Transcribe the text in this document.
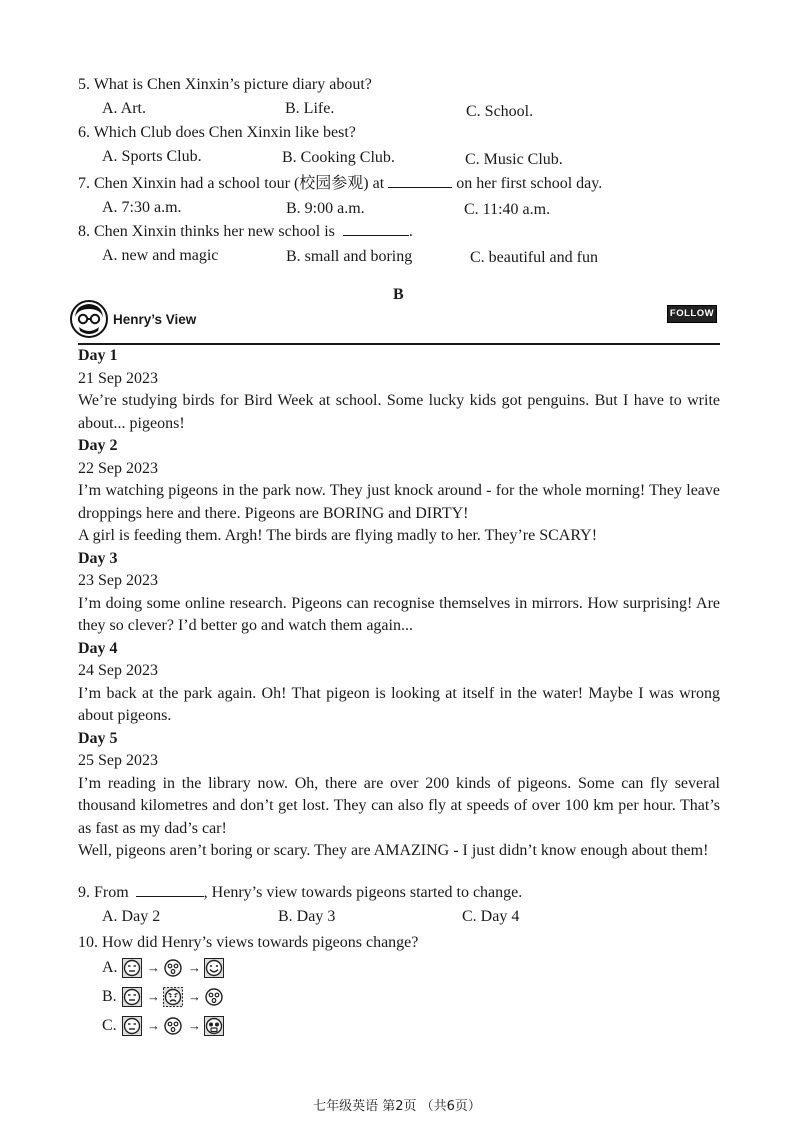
5. What is Chen Xinxin’s picture diary about?
A. Art.	B. Life.	C. School.
6. Which Club does Chen Xinxin like best?
A. Sports Club.	B. Cooking Club.	C. Music Club.
7. Chen Xinxin had a school tour (校园参观) at	on her first school day.
A. 7:30 a.m.	B. 9:00 a.m.	C. 11:40 a.m.
8. Chen Xinxin thinks her new school is	.
A. new and magic	B. small and boring	C. beautiful and fun
B
Henry’s View	FOLLOW
Day 1
21 Sep 2023

We’re studying birds for Bird Week at school. Some lucky kids got penguins. But I have to write about... pigeons!

Day 2
22 Sep 2023

I’m watching pigeons in the park now. They just knock around - for the whole morning! They leave droppings here and there. Pigeons are BORING and DIRTY!

A girl is feeding them. Argh! The birds are flying madly to her. They’re SCARY!

Day 3
23 Sep 2023

I’m doing some online research. Pigeons can recognise themselves in mirrors. How surprising! Are they so clever? I’d better go and watch them again...

Day 4
24 Sep 2023

I’m back at the park again. Oh! That pigeon is looking at itself in the water! Maybe I was wrong about pigeons.

Day 5
25 Sep 2023

I’m reading in the library now. Oh, there are over 200 kinds of pigeons. Some can fly several thousand kilometres and don’t get lost. They can also fly at speeds of over 100 km per hour. That’s as fast as my dad’s car!

Well, pigeons aren’t boring or scary. They are AMAZING - I just didn’t know enough about them!

9. From	, Henry’s view towards pigeons started to change.
A. Day 2	B. Day 3	C. Day 4
10. How did Henry’s views towards pigeons change?
A.	→ →
B.	→ →
C.	→ →
七年级英语 第2页 （共6页）
